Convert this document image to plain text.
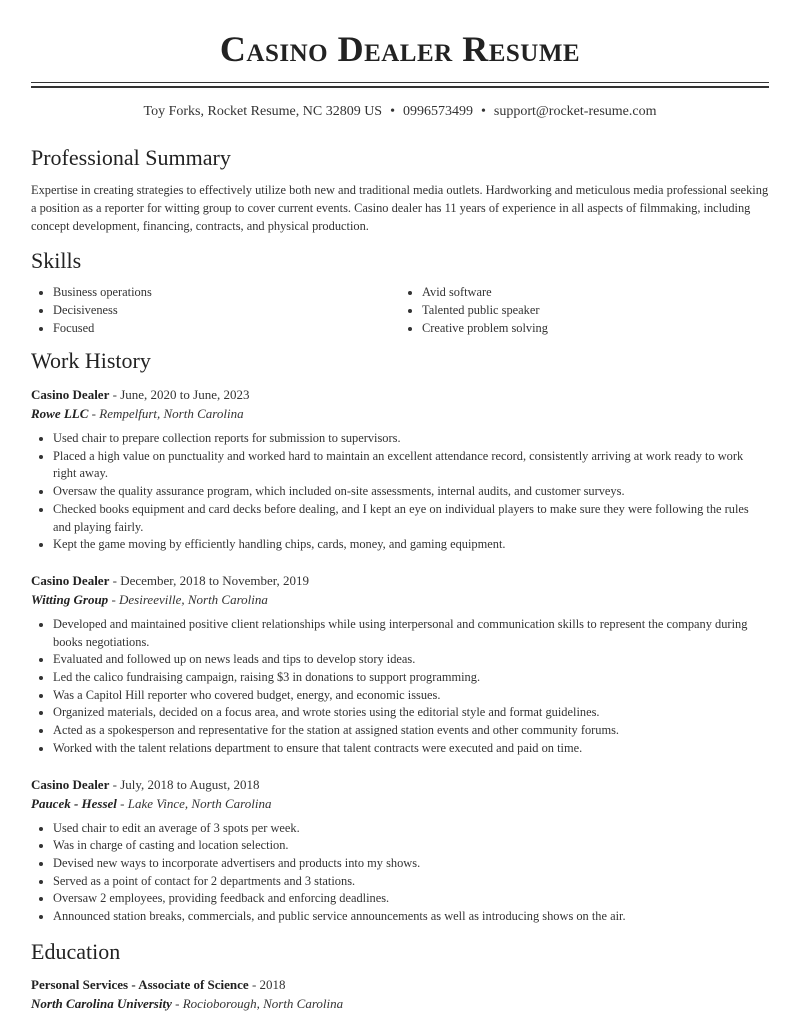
Casino Dealer Resume
Toy Forks, Rocket Resume, NC 32809 US • 0996573499 • support@rocket-resume.com
Professional Summary

Expertise in creating strategies to effectively utilize both new and traditional media outlets. Hardworking and meticulous media professional seeking a position as a reporter for witting group to cover current events. Casino dealer has 11 years of experience in all aspects of filmmaking, including concept development, financing, contracts, and physical production.

Skills
• Business operations
• Decisiveness
• Focused
• Avid software
• Talented public speaker
• Creative problem solving
Work History
Casino Dealer - June, 2020 to June, 2023
Rowe LLC - Rempelfurt, North Carolina
• Used chair to prepare collection reports for submission to supervisors.
• Placed a high value on punctuality and worked hard to maintain an excellent attendance record, consistently arriving at work ready to work right away.
• Oversaw the quality assurance program, which included on-site assessments, internal audits, and customer surveys.
• Checked books equipment and card decks before dealing, and I kept an eye on individual players to make sure they were following the rules and playing fairly.
• Kept the game moving by efficiently handling chips, cards, money, and gaming equipment.
Casino Dealer - December, 2018 to November, 2019
Witting Group - Desireeville, North Carolina
• Developed and maintained positive client relationships while using interpersonal and communication skills to represent the company during books negotiations.
• Evaluated and followed up on news leads and tips to develop story ideas.
• Led the calico fundraising campaign, raising $3 in donations to support programming.
• Was a Capitol Hill reporter who covered budget, energy, and economic issues.
• Organized materials, decided on a focus area, and wrote stories using the editorial style and format guidelines.
• Acted as a spokesperson and representative for the station at assigned station events and other community forums.
• Worked with the talent relations department to ensure that talent contracts were executed and paid on time.
Casino Dealer - July, 2018 to August, 2018
Paucek - Hessel - Lake Vince, North Carolina
• Used chair to edit an average of 3 spots per week.
• Was in charge of casting and location selection.
• Devised new ways to incorporate advertisers and products into my shows.
• Served as a point of contact for 2 departments and 3 stations.
• Oversaw 2 employees, providing feedback and enforcing deadlines.
• Announced station breaks, commercials, and public service announcements as well as introducing shows on the air.
Education
Personal Services - Associate of Science - 2018
North Carolina University - Rocioborough, North Carolina
